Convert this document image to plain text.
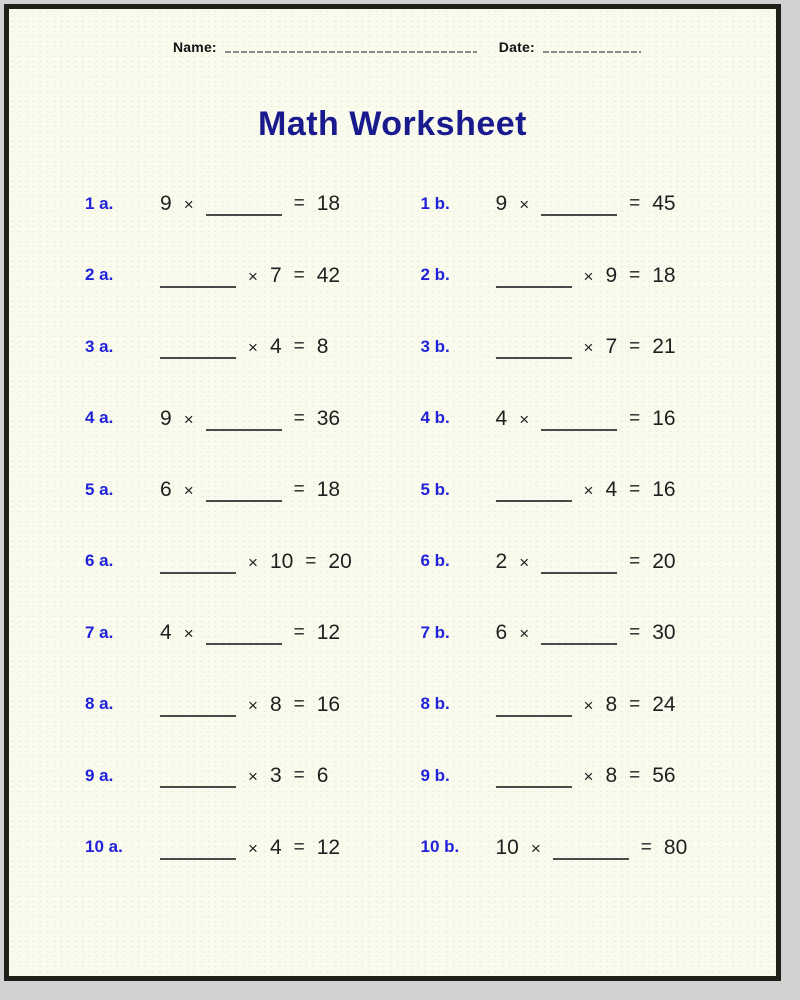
Name:	Date:
Math Worksheet
1 a.	9 ×	= 18	1 b.	9 ×	= 45
2 a.	× 7 = 42	2 b.	× 9 = 18
3 a.	× 4 = 8	3 b.	× 7 = 21
4 a.	9 ×	= 36	4 b.	4 ×	= 16
5 a.	6 ×	= 18	5 b.	× 4 = 16
6 a.	× 10 = 20	6 b.	2 ×	= 20
7 a.	4 ×	= 12	7 b.	6 ×	= 30
8 a.	× 8 = 16	8 b.	× 8 = 24
9 a.	× 3 = 6	9 b.	× 8 = 56
10 a.	× 4 = 12	10 b.	10 ×	= 80
